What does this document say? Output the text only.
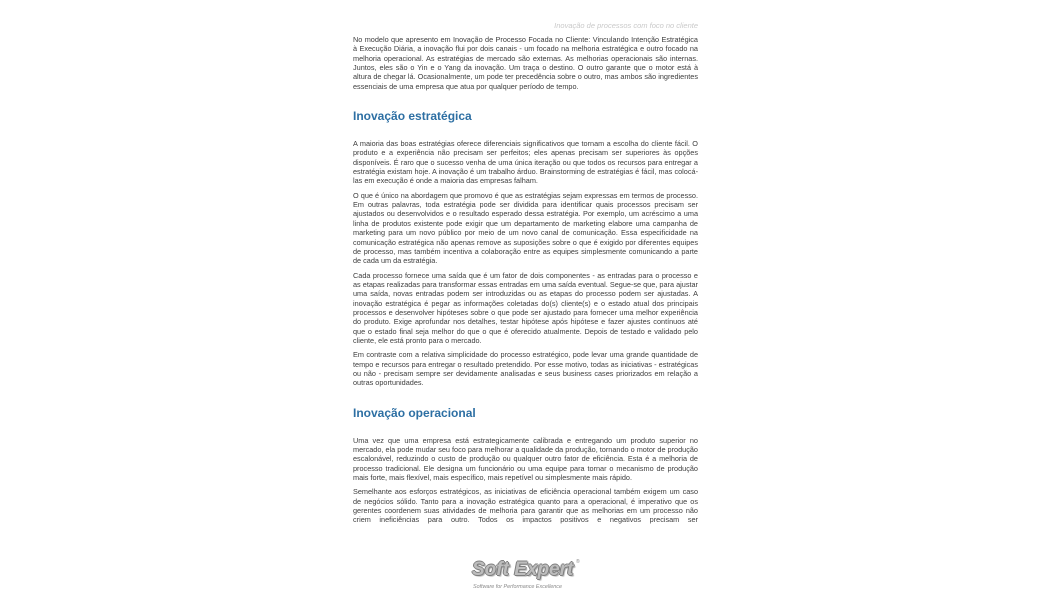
Inovação de processos com foco no cliente

No modelo que apresento em Inovação de Processo Focada no Cliente: Vinculando Intenção Estratégica à Execução Diária, a inovação flui por dois canais - um focado na melhoria estratégica e outro focado na melhoria operacional. As estratégias de mercado são externas. As melhorias operacionais são internas. Juntos, eles são o Yin e o Yang da inovação. Um traça o destino. O outro garante que o motor está à altura de chegar lá. Ocasionalmente, um pode ter precedência sobre o outro, mas ambos são ingredientes essenciais de uma empresa que atua por qualquer período de tempo.

Inovação estratégica

A maioria das boas estratégias oferece diferenciais significativos que tornam a escolha do cliente fácil. O produto e a experiência não precisam ser perfeitos; eles apenas precisam ser superiores às opções disponíveis. É raro que o sucesso venha de uma única iteração ou que todos os recursos para entregar a estratégia existam hoje. A inovação é um trabalho árduo. Brainstorming de estratégias é fácil, mas colocá-las em execução é onde a maioria das empresas falham.

O que é único na abordagem que promovo é que as estratégias sejam expressas em termos de processo. Em outras palavras, toda estratégia pode ser dividida para identificar quais processos precisam ser ajustados ou desenvolvidos e o resultado esperado dessa estratégia. Por exemplo, um acréscimo a uma linha de produtos existente pode exigir que um departamento de marketing elabore uma campanha de marketing para um novo público por meio de um novo canal de comunicação. Essa especificidade na comunicação estratégica não apenas remove as suposições sobre o que é exigido por diferentes equipes de processo, mas também incentiva a colaboração entre as equipes simplesmente comunicando a parte de cada um da estratégia.

Cada processo fornece uma saída que é um fator de dois componentes - as entradas para o processo e as etapas realizadas para transformar essas entradas em uma saída eventual. Segue-se que, para ajustar uma saída, novas entradas podem ser introduzidas ou as etapas do processo podem ser ajustadas. A inovação estratégica é pegar as informações coletadas do(s) cliente(s) e o estado atual dos principais processos e desenvolver hipóteses sobre o que pode ser ajustado para fornecer uma melhor experiência do produto. Exige aprofundar nos detalhes, testar hipótese após hipótese e fazer ajustes contínuos até que o estado final seja melhor do que o que é oferecido atualmente. Depois de testado e validado pelo cliente, ele está pronto para o mercado.

Em contraste com a relativa simplicidade do processo estratégico, pode levar uma grande quantidade de tempo e recursos para entregar o resultado pretendido. Por esse motivo, todas as iniciativas - estratégicas ou não - precisam sempre ser devidamente analisadas e seus business cases priorizados em relação a outras oportunidades.

Inovação operacional

Uma vez que uma empresa está estrategicamente calibrada e entregando um produto superior no mercado, ela pode mudar seu foco para melhorar a qualidade da produção, tornando o motor de produção escalonável, reduzindo o custo de produção ou qualquer outro fator de eficiência. Esta é a melhoria de processo tradicional. Ele designa um funcionário ou uma equipe para tornar o mecanismo de produção mais forte, mais flexível, mais específico, mais repetível ou simplesmente mais rápido.

Semelhante aos esforços estratégicos, as iniciativas de eficiência operacional também exigem um caso de negócios sólido. Tanto para a inovação estratégica quanto para a operacional, é imperativo que os gerentes coordenem suas atividades de melhoria para garantir que as melhorias em um processo não criem ineficiências para outro. Todos os impactos positivos e negativos precisam ser

Soft Expert ®
Software for Performance Excellence
